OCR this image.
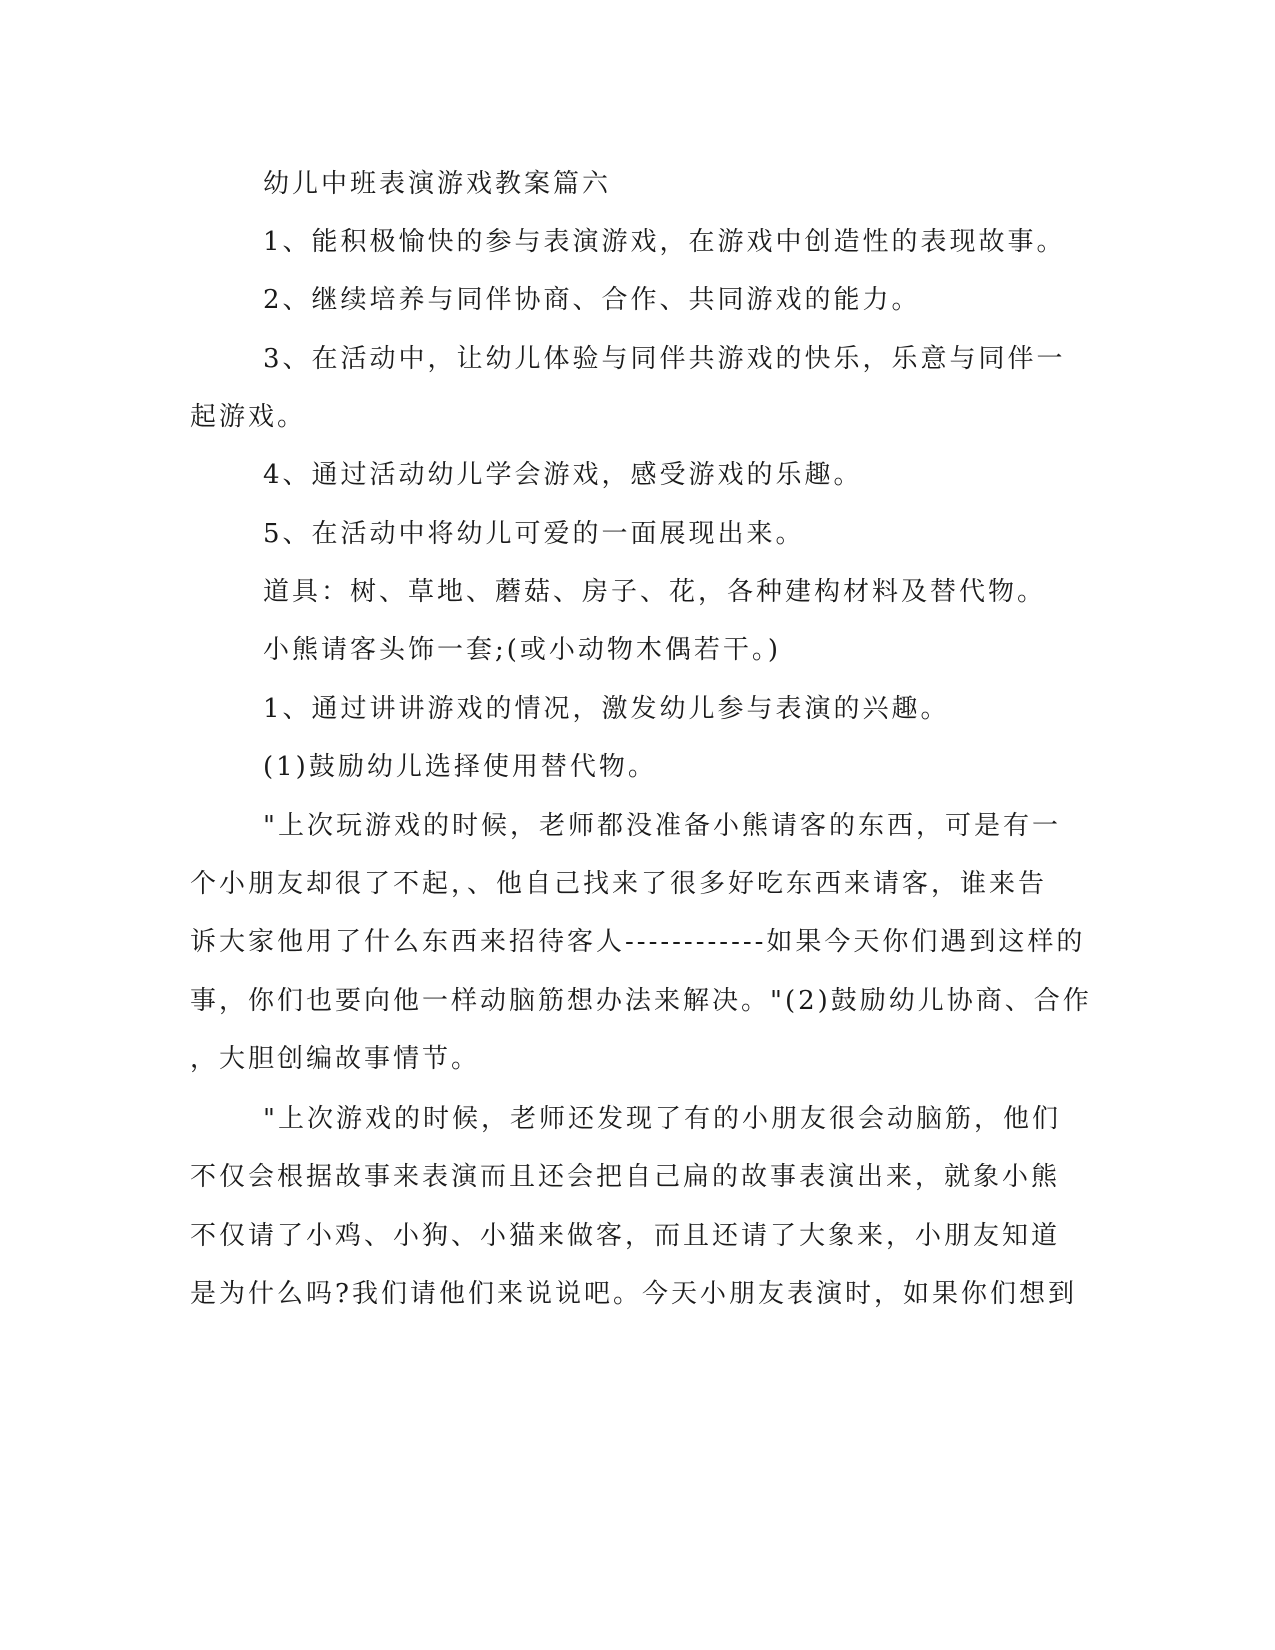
幼儿中班表演游戏教案篇六
1、能积极愉快的参与表演游戏，在游戏中创造性的表现故事。
2、继续培养与同伴协商、合作、共同游戏的能力。
3、在活动中，让幼儿体验与同伴共游戏的快乐，乐意与同伴一
起游戏。
4、通过活动幼儿学会游戏，感受游戏的乐趣。
5、在活动中将幼儿可爱的一面展现出来。
道具：树、草地、蘑菇、房子、花，各种建构材料及替代物。
小熊请客头饰一套;(或小动物木偶若干。)
1、通过讲讲游戏的情况，激发幼儿参与表演的兴趣。
(1)鼓励幼儿选择使用替代物。
"上次玩游戏的时候，老师都没准备小熊请客的东西，可是有一
个小朋友却很了不起，、他自己找来了很多好吃东西来请客，谁来告
诉大家他用了什么东西来招待客人------------如果今天你们遇到这样的
事，你们也要向他一样动脑筋想办法来解决。"(2)鼓励幼儿协商、合作
，大胆创编故事情节。
"上次游戏的时候，老师还发现了有的小朋友很会动脑筋，他们
不仅会根据故事来表演而且还会把自己扁的故事表演出来，就象小熊
不仅请了小鸡、小狗、小猫来做客，而且还请了大象来，小朋友知道
是为什么吗?我们请他们来说说吧。今天小朋友表演时，如果你们想到
